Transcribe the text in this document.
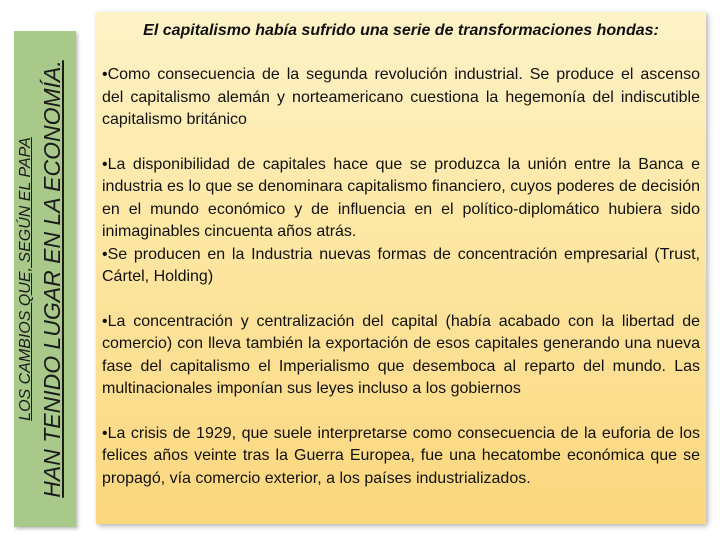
LOS CAMBIOS QUE, SEGÚN EL PAPA HAN TENIDO LUGAR EN LA ECONOMÍA.

El capitalismo había sufrido una serie de transformaciones hondas:

•Como consecuencia de la segunda revolución industrial. Se produce el ascenso del capitalismo alemán y norteamericano cuestiona la hegemonía del indiscutible capitalismo británico

•La disponibilidad de capitales hace que se produzca la unión entre la Banca e industria es lo que se denominara capitalismo financiero, cuyos poderes de decisión en el mundo económico y de influencia en el político-diplomático hubiera sido inimaginables cincuenta años atrás.

•Se producen en la Industria nuevas formas de concentración empresarial (Trust, Cártel, Holding)

•La concentración y centralización del capital (había acabado con la libertad de comercio) con lleva también la exportación de esos capitales generando una nueva fase del capitalismo el Imperialismo que desemboca al reparto del mundo. Las multinacionales imponían sus leyes incluso a los gobiernos

•La crisis de 1929, que suele interpretarse como consecuencia de la euforia de los felices años veinte tras la Guerra Europea, fue una hecatombe económica que se propagó, vía comercio exterior, a los países industrializados.
